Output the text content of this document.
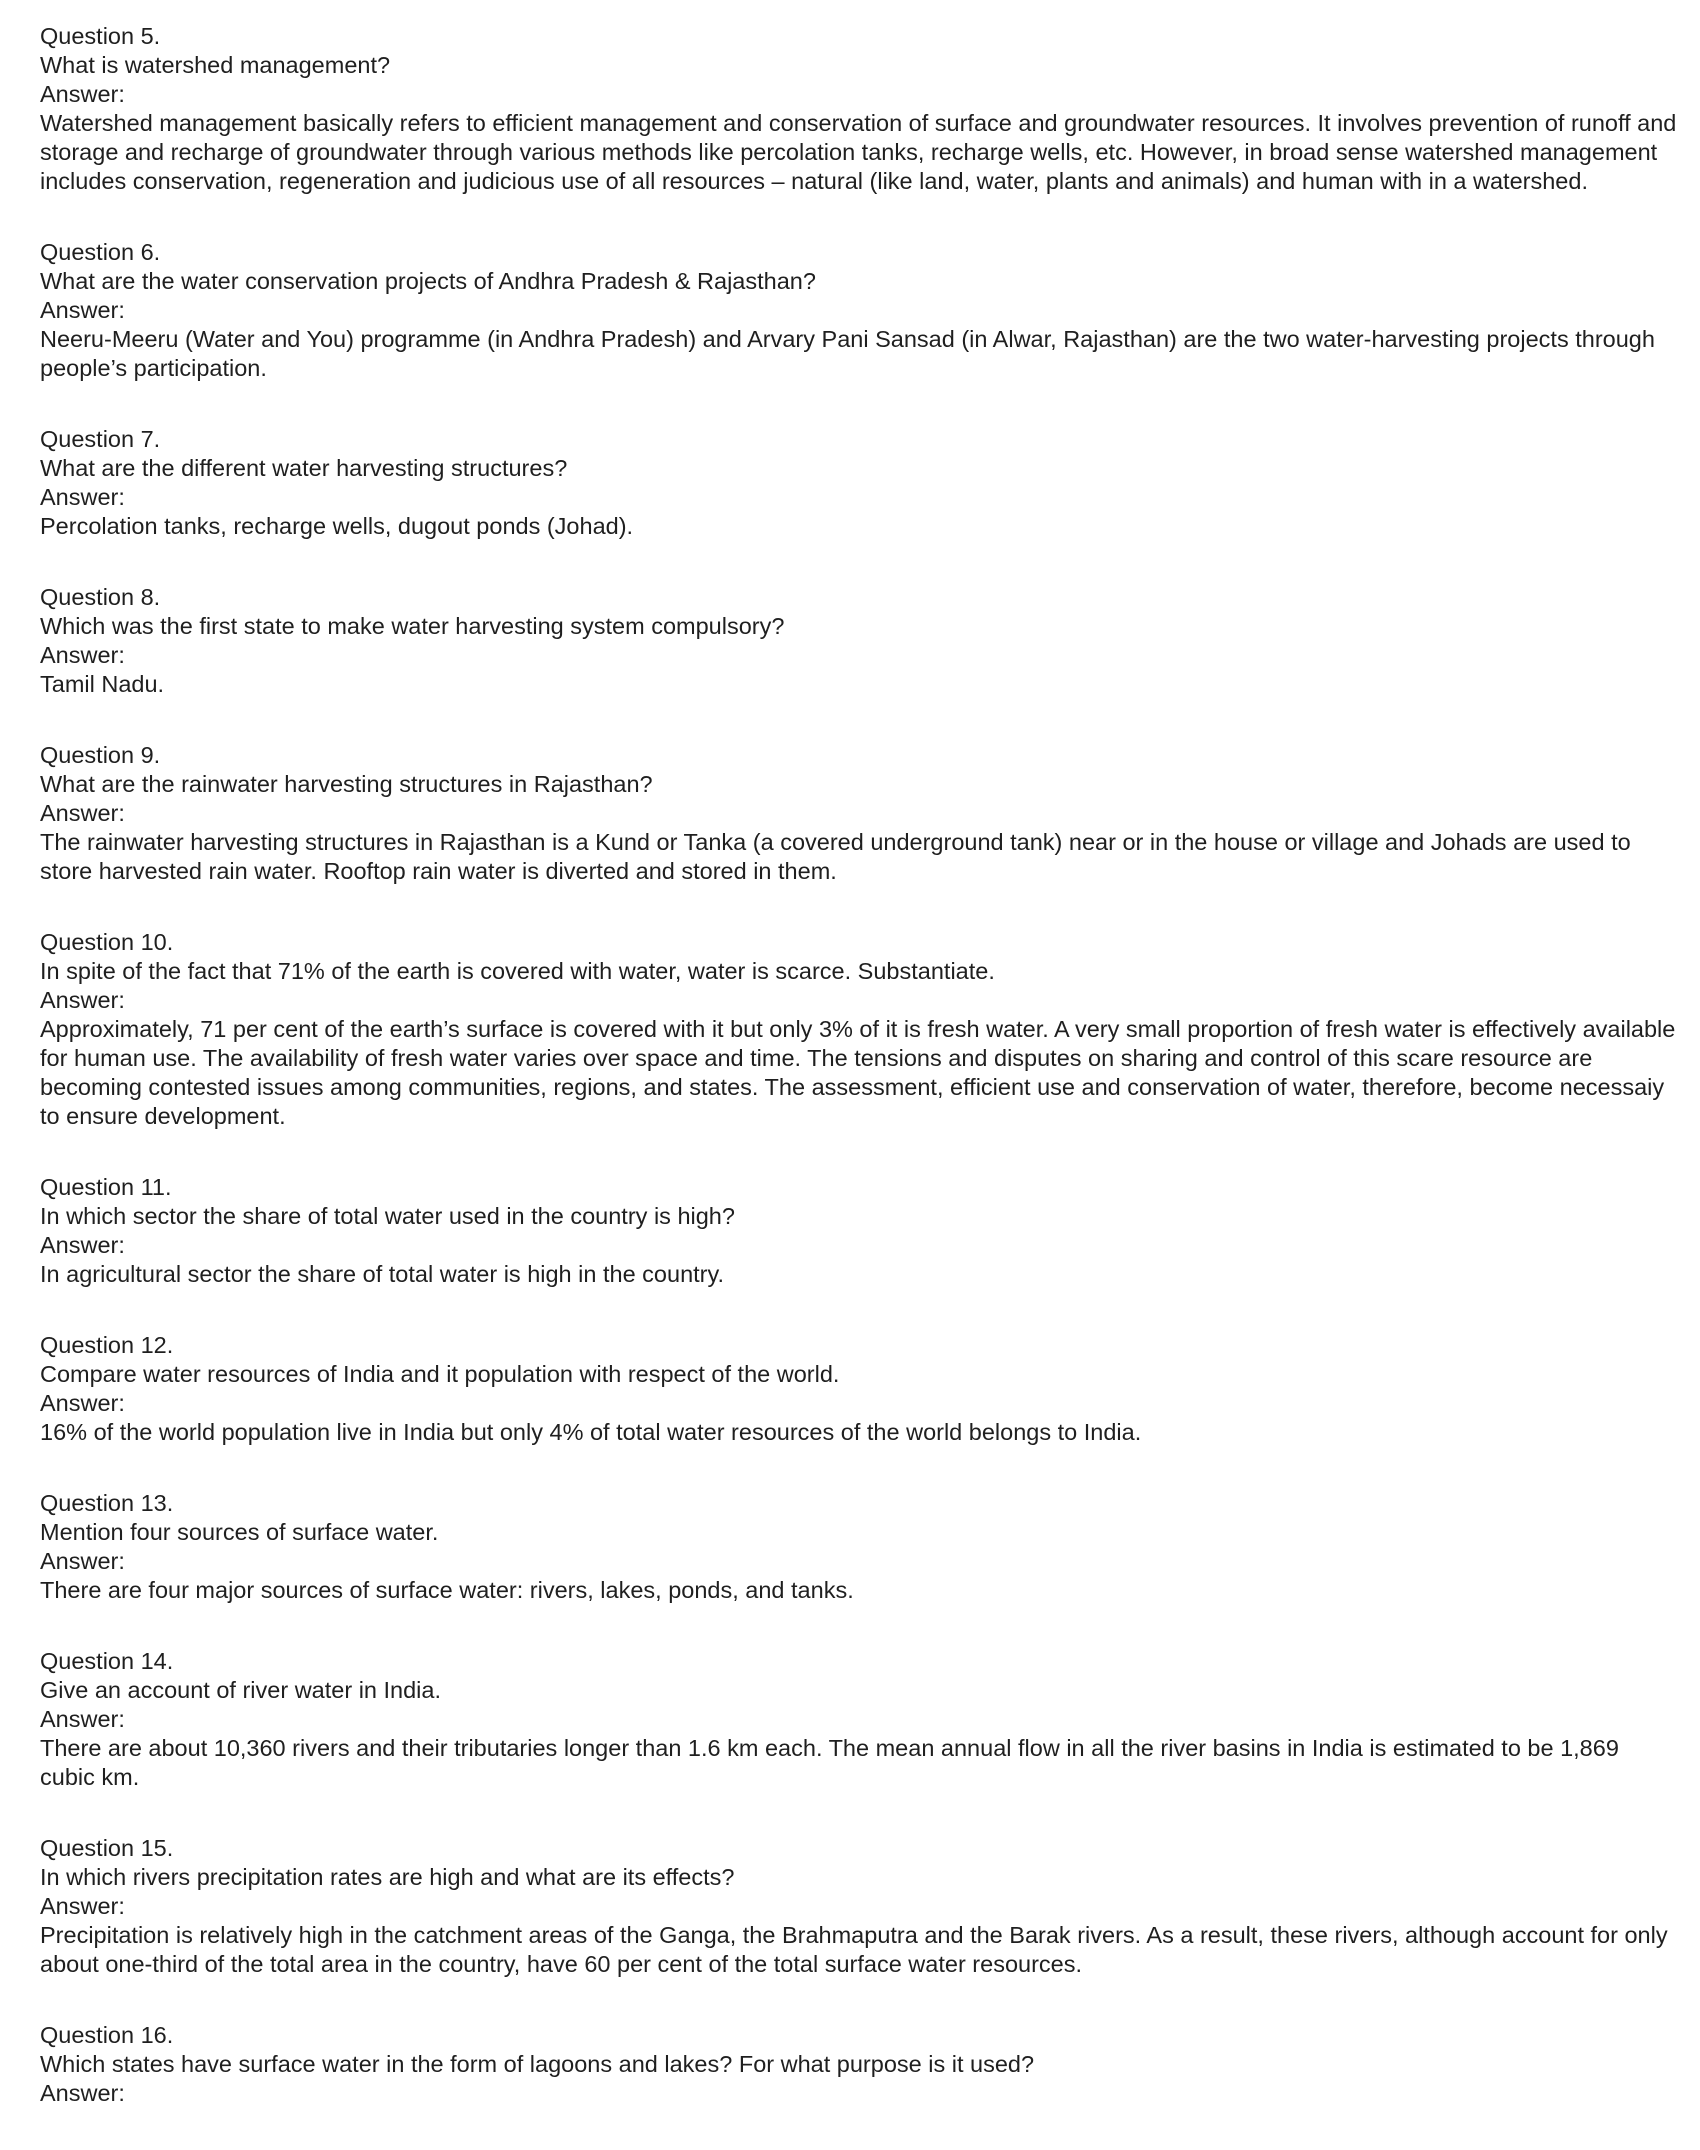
Question 5.

What is watershed management?

Answer:

Watershed management basically refers to efficient management and conservation of surface and groundwater resources. It involves prevention of runoff and storage and recharge of groundwater through various methods like percolation tanks, recharge wells, etc. However, in broad sense watershed management includes conservation, regeneration and judicious use of all resources – natural (like land, water, plants and animals) and human with in a watershed.

Question 6.

What are the water conservation projects of Andhra Pradesh & Rajasthan?

Answer:

Neeru-Meeru (Water and You) programme (in Andhra Pradesh) and Arvary Pani Sansad (in Alwar, Rajasthan) are the two water-harvesting projects through people’s participation.

Question 7.

What are the different water harvesting structures?

Answer:

Percolation tanks, recharge wells, dugout ponds (Johad).

Question 8.

Which was the first state to make water harvesting system compulsory?

Answer:

Tamil Nadu.

Question 9.

What are the rainwater harvesting structures in Rajasthan?

Answer:

The rainwater harvesting structures in Rajasthan is a Kund or Tanka (a covered underground tank) near or in the house or village and Johads are used to store harvested rain water. Rooftop rain water is diverted and stored in them.

Question 10.

In spite of the fact that 71% of the earth is covered with water, water is scarce. Substantiate.

Answer:

Approximately, 71 per cent of the earth’s surface is covered with it but only 3% of it is fresh water. A very small proportion of fresh water is effectively available for human use. The availability of fresh water varies over space and time. The tensions and disputes on sharing and control of this scare resource are becoming contested issues among communities, regions, and states. The assessment, efficient use and conservation of water, therefore, become necessaiy to ensure development.

Question 11.

In which sector the share of total water used in the country is high?

Answer:

In agricultural sector the share of total water is high in the country.

Question 12.

Compare water resources of India and it population with respect of the world.

Answer:

16% of the world population live in India but only 4% of total water resources of the world belongs to India.

Question 13.

Mention four sources of surface water.

Answer:

There are four major sources of surface water: rivers, lakes, ponds, and tanks.

Question 14.

Give an account of river water in India.

Answer:

There are about 10,360 rivers and their tributaries longer than 1.6 km each. The mean annual flow in all the river basins in India is estimated to be 1,869 cubic km.

Question 15.

In which rivers precipitation rates are high and what are its effects?

Answer:

Precipitation is relatively high in the catchment areas of the Ganga, the Brahmaputra and the Barak rivers. As a result, these rivers, although account for only about one-third of the total area in the country, have 60 per cent of the total surface water resources.

Question 16.

Which states have surface water in the form of lagoons and lakes? For what purpose is it used?

Answer:
